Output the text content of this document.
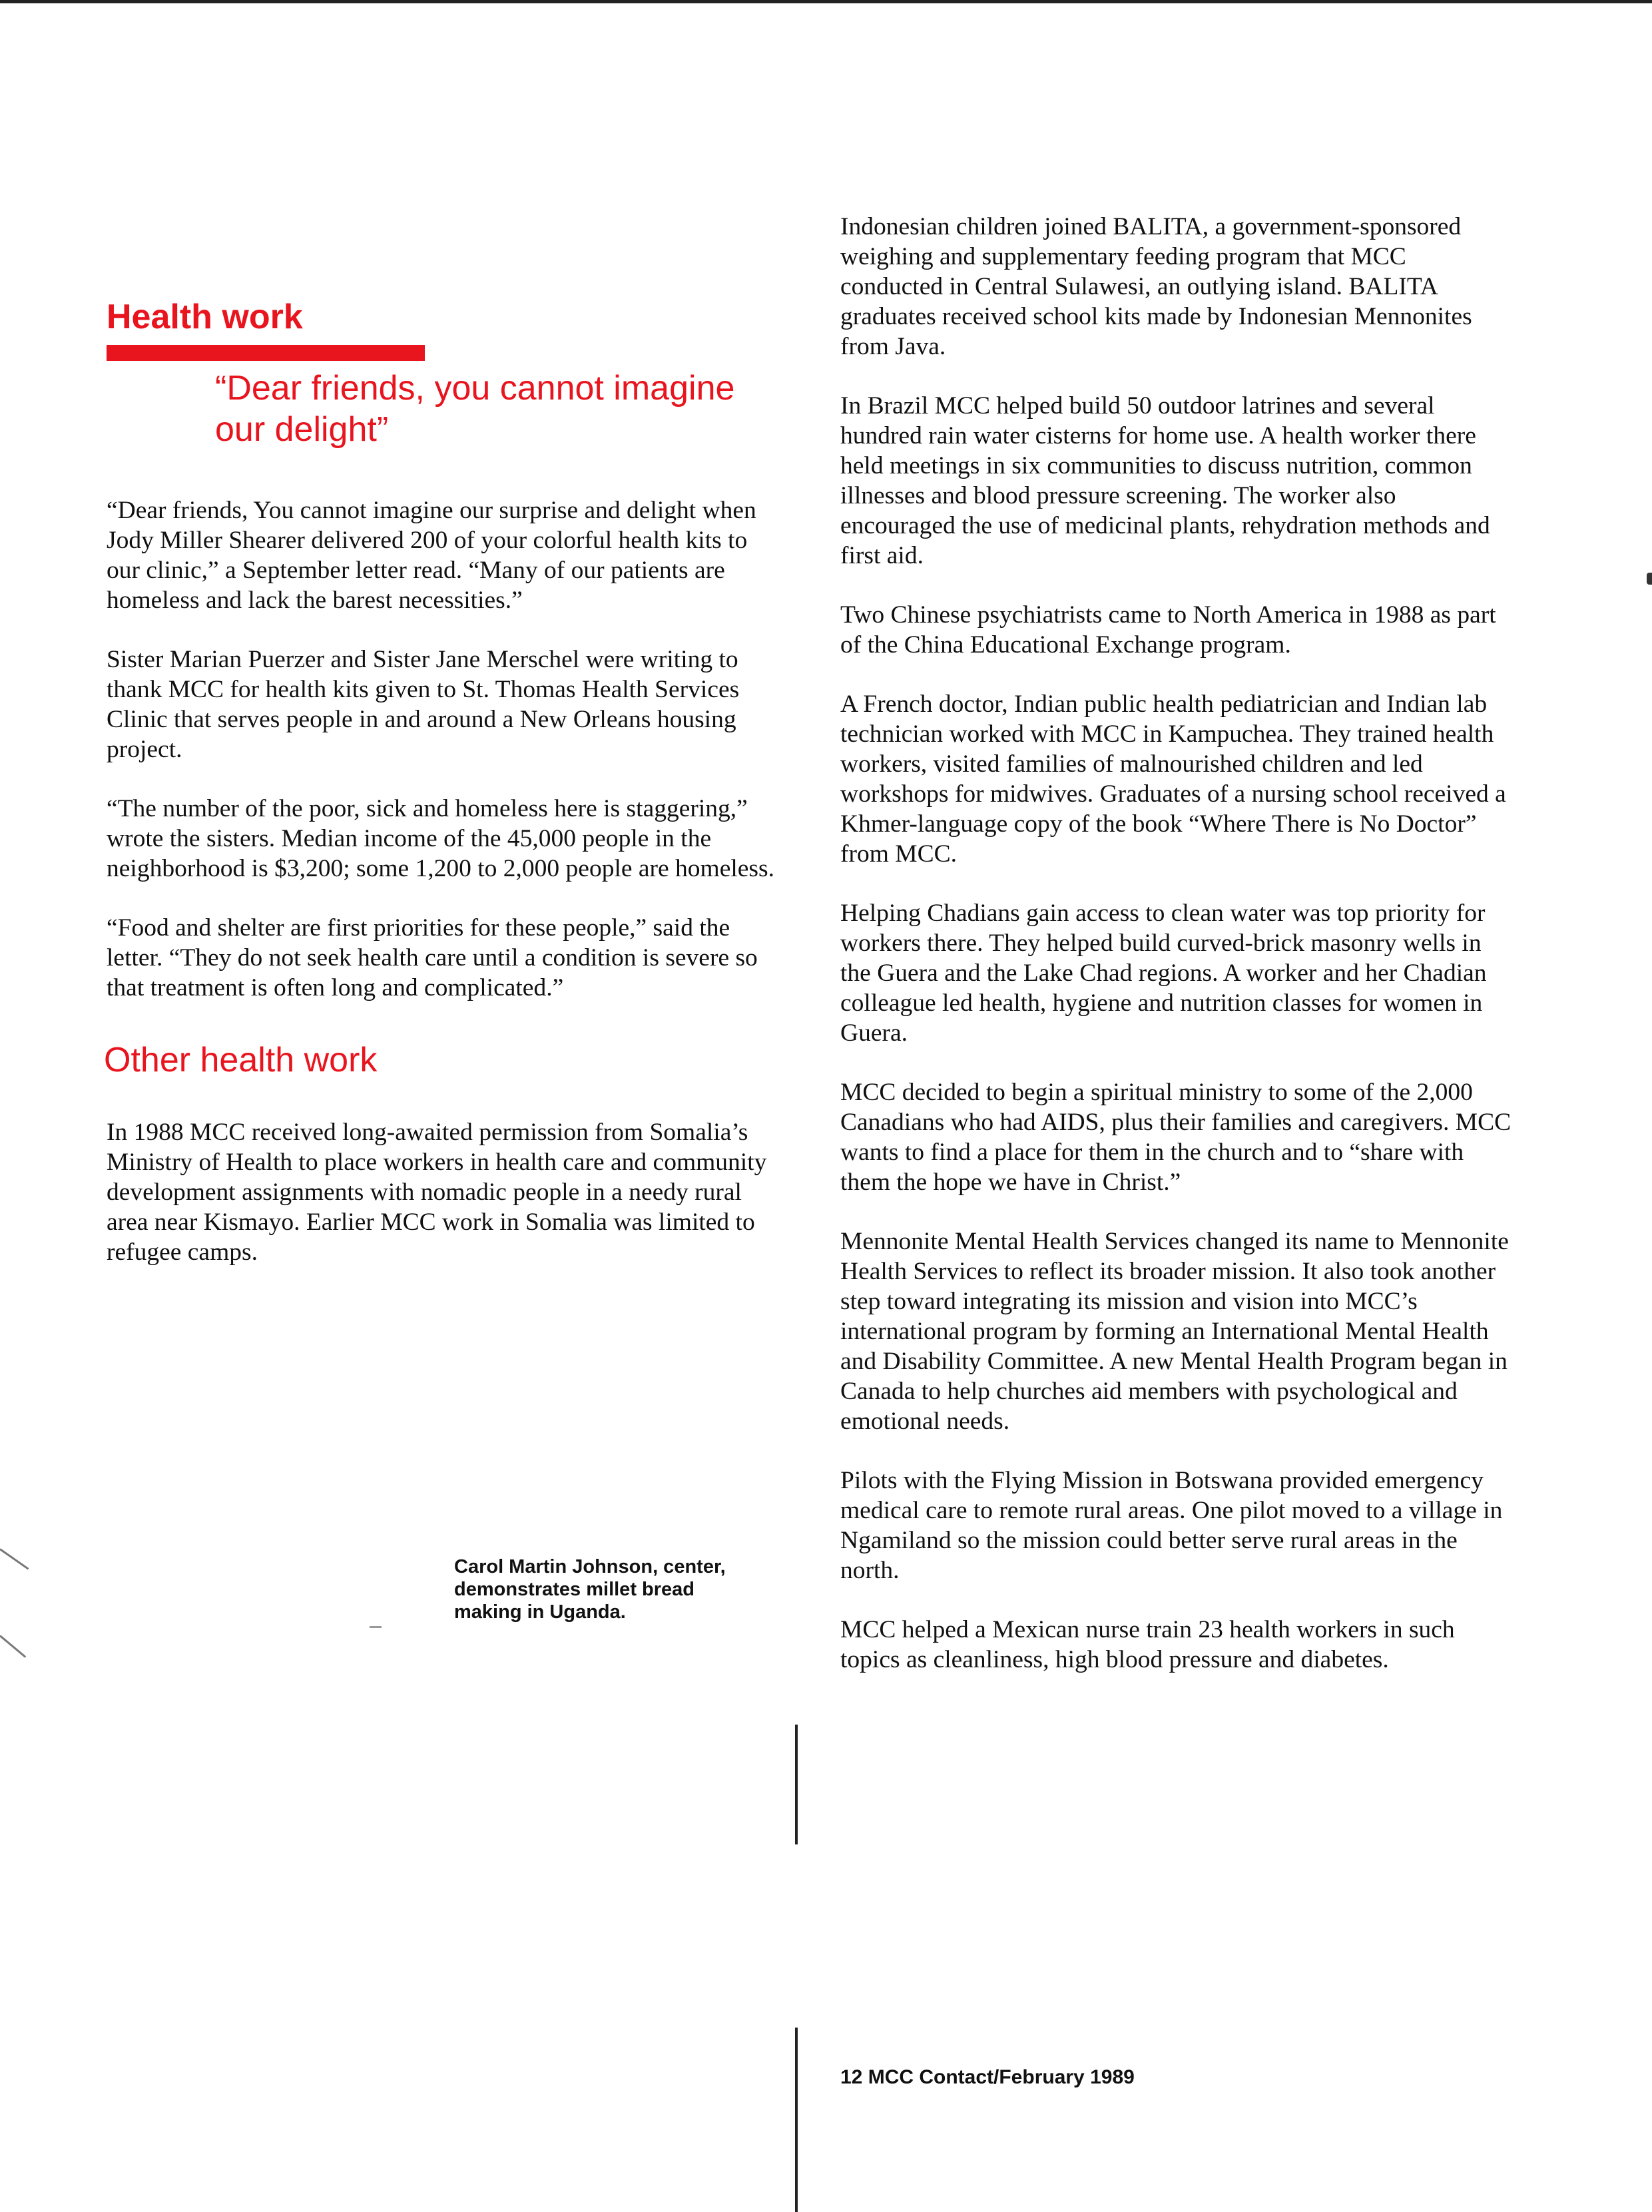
Health work
“Dear friends, you cannot imagine our delight”

“Dear friends, You cannot imagine our surprise and delight when Jody Miller Shearer delivered 200 of your colorful health kits to our clinic,” a September letter read. “Many of our patients are homeless and lack the barest necessities.”

Sister Marian Puerzer and Sister Jane Merschel were writing to thank MCC for health kits given to St. Thomas Health Services Clinic that serves people in and around a New Orleans housing project.

“The number of the poor, sick and homeless here is staggering,” wrote the sisters. Median income of the 45,000 people in the neighborhood is $3,200; some 1,200 to 2,000 people are homeless.

“Food and shelter are first priorities for these people,” said the letter. “They do not seek health care until a condition is severe so that treatment is often long and complicated.”

Other health work

In 1988 MCC received long-awaited permission from Somalia’s Ministry of Health to place workers in health care and community development assignments with nomadic people in a needy rural area near Kismayo. Earlier MCC work in Somalia was limited to refugee camps.

Carol Martin Johnson, center, demonstrates millet bread making in Uganda.

Indonesian children joined BALITA, a government-sponsored weighing and supplementary feeding program that MCC conducted in Central Sulawesi, an outlying island. BALITA graduates received school kits made by Indonesian Mennonites from Java.

In Brazil MCC helped build 50 outdoor latrines and several hundred rain water cisterns for home use. A health worker there held meetings in six communities to discuss nutrition, common illnesses and blood pressure screening. The worker also encouraged the use of medicinal plants, rehydration methods and first aid.

Two Chinese psychiatrists came to North America in 1988 as part of the China Educational Exchange program.

A French doctor, Indian public health pediatrician and Indian lab technician worked with MCC in Kampuchea. They trained health workers, visited families of malnourished children and led workshops for midwives. Graduates of a nursing school received a Khmer-language copy of the book “Where There is No Doctor” from MCC.

Helping Chadians gain access to clean water was top priority for workers there. They helped build curved-brick masonry wells in the Guera and the Lake Chad regions. A worker and her Chadian colleague led health, hygiene and nutrition classes for women in Guera.

MCC decided to begin a spiritual ministry to some of the 2,000 Canadians who had AIDS, plus their families and caregivers. MCC wants to find a place for them in the church and to “share with them the hope we have in Christ.”

Mennonite Mental Health Services changed its name to Mennonite Health Services to reflect its broader mission. It also took another step toward integrating its mission and vision into MCC’s international program by forming an International Mental Health and Disability Committee. A new Mental Health Program began in Canada to help churches aid members with psychological and emotional needs.

Pilots with the Flying Mission in Botswana provided emergency medical care to remote rural areas. One pilot moved to a village in Ngamiland so the mission could better serve rural areas in the north.

MCC helped a Mexican nurse train 23 health workers in such topics as cleanliness, high blood pressure and diabetes.

12 MCC Contact/February 1989
